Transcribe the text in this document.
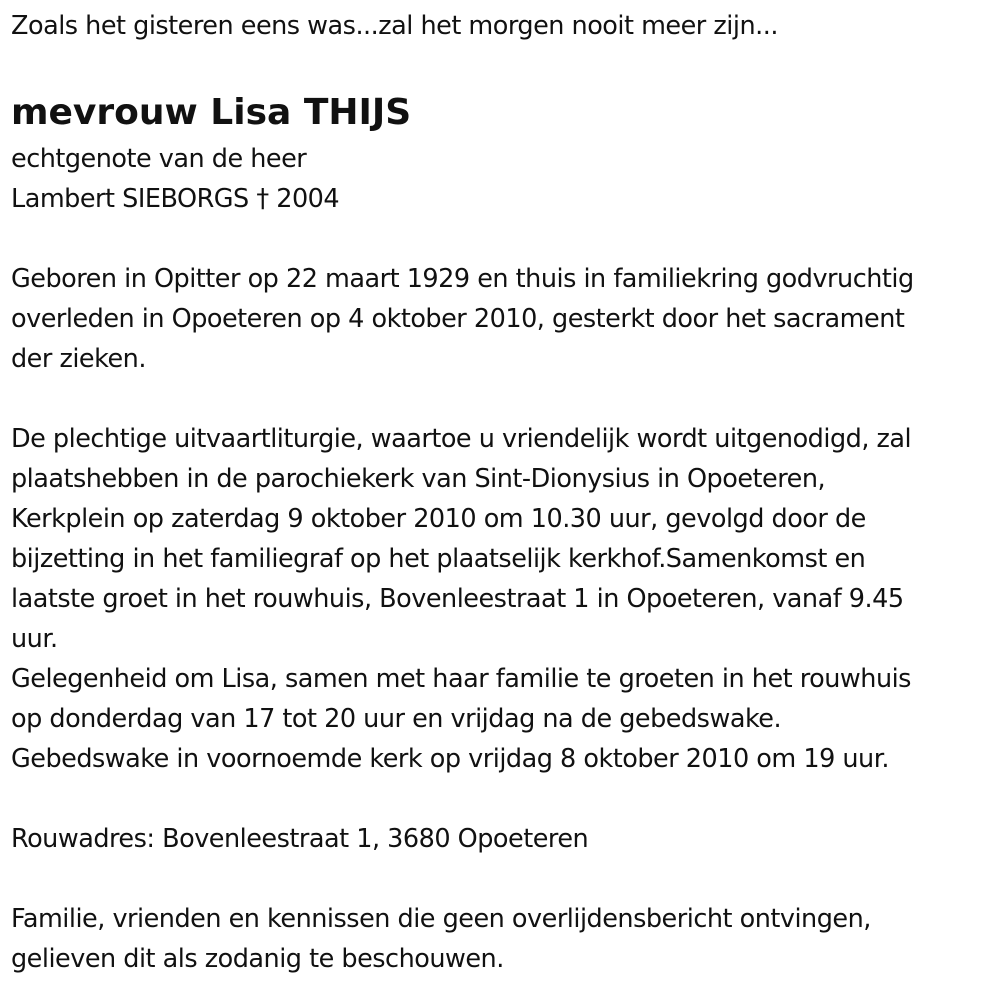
Zoals het gisteren eens was...zal het morgen nooit meer zijn...
mevrouw Lisa THIJS
echtgenote van de heer
Lambert SIEBORGS † 2004
Geboren in Opitter op 22 maart 1929 en thuis in familiekring godvruchtig
overleden in Opoeteren op 4 oktober 2010, gesterkt door het sacrament
der zieken.
De plechtige uitvaartliturgie, waartoe u vriendelijk wordt uitgenodigd, zal
plaatshebben in de parochiekerk van Sint-Dionysius in Opoeteren,
Kerkplein op zaterdag 9 oktober 2010 om 10.30 uur, gevolgd door de
bijzetting in het familiegraf op het plaatselijk kerkhof.Samenkomst en
laatste groet in het rouwhuis, Bovenleestraat 1 in Opoeteren, vanaf 9.45
uur.
Gelegenheid om Lisa, samen met haar familie te groeten in het rouwhuis
op donderdag van 17 tot 20 uur en vrijdag na de gebedswake.
Gebedswake in voornoemde kerk op vrijdag 8 oktober 2010 om 19 uur.
Rouwadres: Bovenleestraat 1, 3680 Opoeteren
Familie, vrienden en kennissen die geen overlijdensbericht ontvingen,
gelieven dit als zodanig te beschouwen.
